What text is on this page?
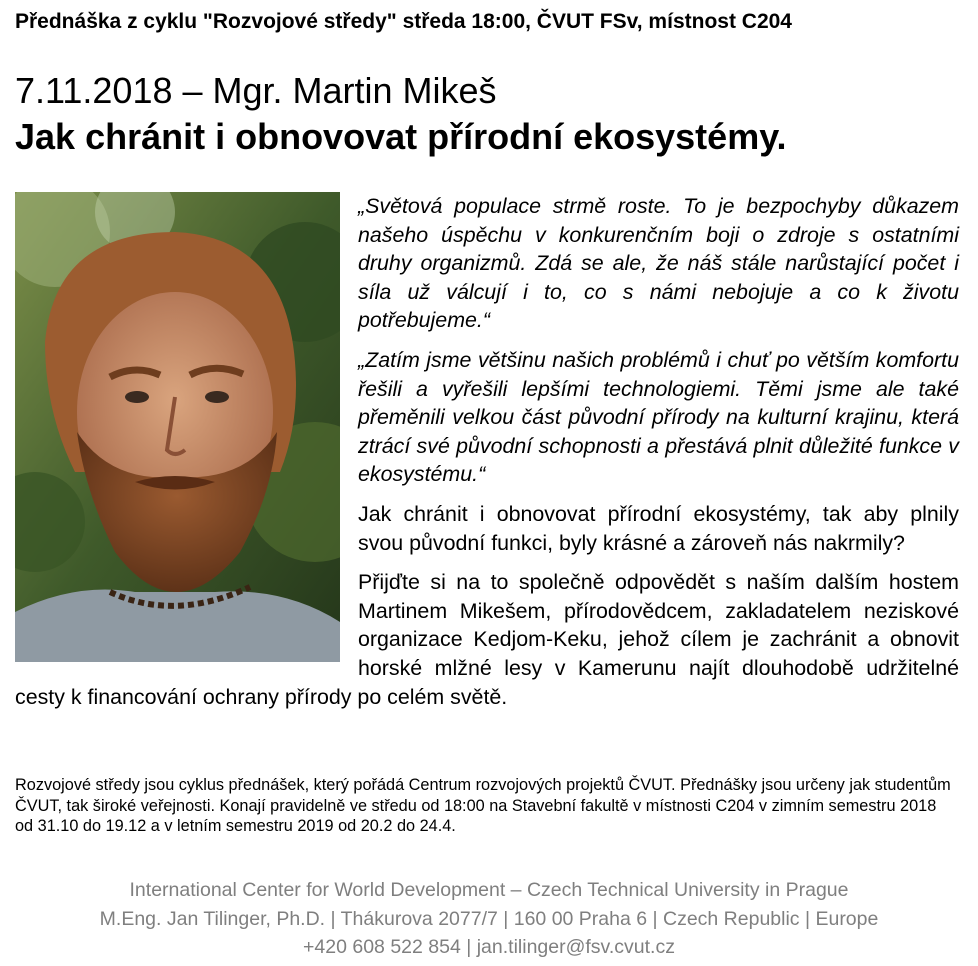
Přednáška z cyklu "Rozvojové středy" středa 18:00, ČVUT FSv, místnost C204
7.11.2018 – Mgr. Martin Mikeš
Jak chránit i obnovovat přírodní ekosystémy.

„Světová populace strmě roste. To je bezpochyby důkazem našeho úspěchu v konkurenčním boji o zdroje s ostatními druhy organizmů. Zdá se ale, že náš stále narůstající počet i síla už válcují i to, co s námi nebojuje a co k životu potřebujeme.“

„Zatím jsme většinu našich problémů i chuť po větším komfortu řešili a vyřešili lepšími technologiemi. Těmi jsme ale také přeměnili velkou část původní přírody na kulturní krajinu, která ztrácí své původní schopnosti a přestává plnit důležité funkce v ekosystému.“

Jak chránit i obnovovat přírodní ekosystémy, tak aby plnily svou původní funkci, byly krásné a zároveň nás nakrmily?

Přijďte si na to společně odpovědět s naším dalším hostem Martinem Mikešem, přírodovědcem, zakladatelem neziskové organizace Kedjom-Keku, jehož cílem je zachránit a obnovit horské mlžné lesy v Kamerunu najít dlouhodobě udržitelné cesty k financování ochrany přírody po celém světě.

Rozvojové středy jsou cyklus přednášek, který pořádá Centrum rozvojových projektů ČVUT. Přednášky jsou určeny jak studentům ČVUT, tak široké veřejnosti. Konají pravidelně ve středu od 18:00 na Stavební fakultě v místnosti C204 v zimním semestru 2018 od 31.10 do 19.12 a v letním semestru 2019 od 20.2 do 24.4.
International Center for World Development – Czech Technical University in Prague
M.Eng. Jan Tilinger, Ph.D. | Thákurova 2077/7 | 160 00 Praha 6 | Czech Republic | Europe
+420 608 522 854 | jan.tilinger@fsv.cvut.cz
